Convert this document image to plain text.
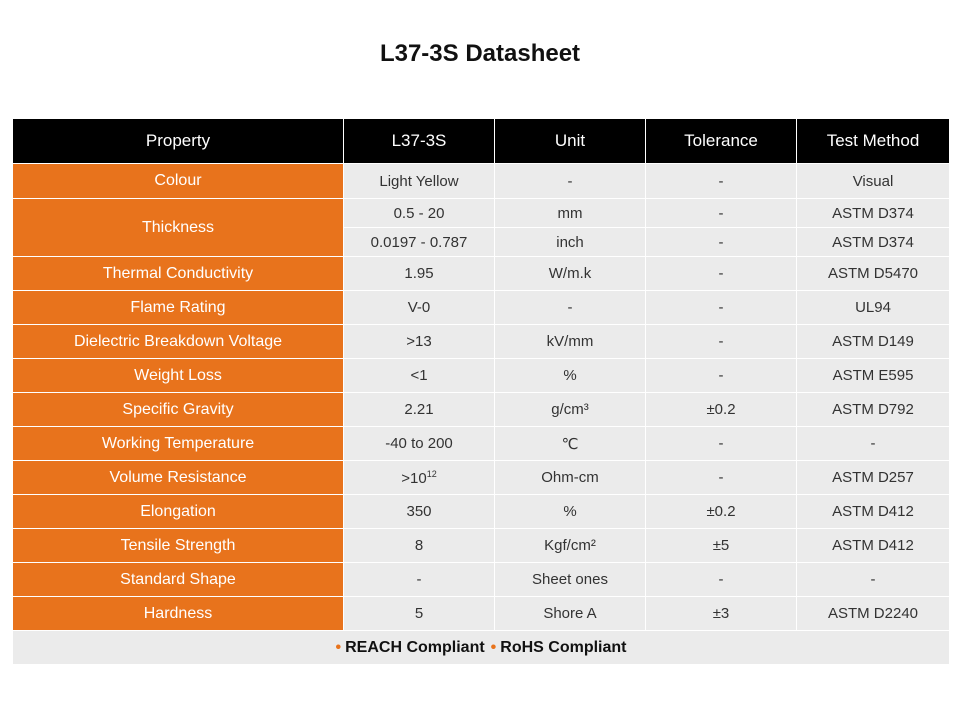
L37-3S Datasheet
Property	L37-3S	Unit	Tolerance	Test Method
Colour	Light Yellow	-	-	Visual
Thickness	0.5 - 20	mm	-	ASTM D374
	0.0197 - 0.787	inch	-	ASTM D374
Thermal Conductivity	1.95	W/m.k	-	ASTM D5470
Flame Rating	V-0	-	-	UL94
Dielectric Breakdown Voltage	>13	kV/mm	-	ASTM D149
Weight Loss	<1	%	-	ASTM E595
Specific Gravity	2.21	g/cm³	±0.2	ASTM D792
Working Temperature	-40 to 200	℃	-	-
Volume Resistance	$>10^{12}$	Ohm-cm	-	ASTM D257
Elongation	350	%	±0.2	ASTM D412
Tensile Strength	8	Kgf/cm²	±5	ASTM D412
Standard Shape	-	Sheet ones	-	-
Hardness	5	Shore A	±3	ASTM D2240
• REACH Compliant • RoHS Compliant				
